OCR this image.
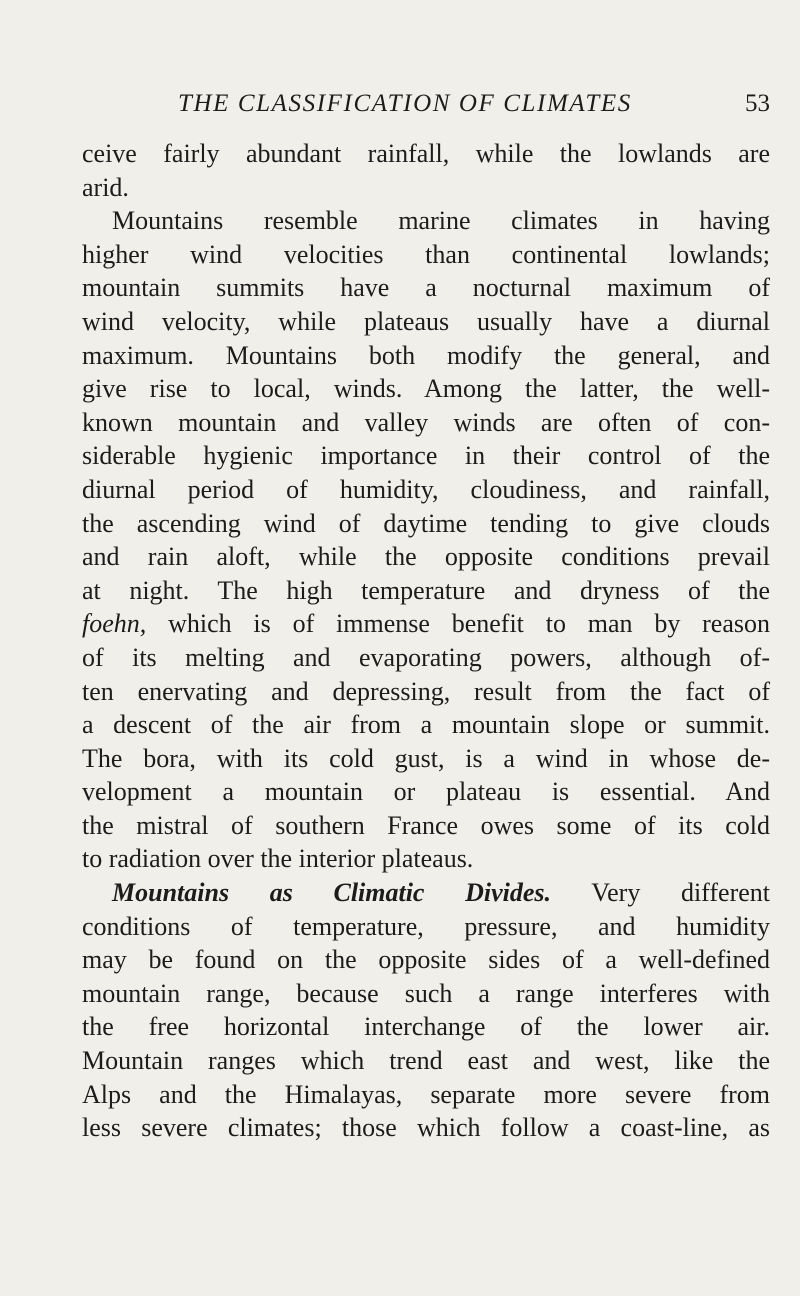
THE CLASSIFICATION OF CLIMATES	53
ceive fairly abundant rainfall, while the lowlands are
arid.
Mountains resemble marine climates in having
higher wind velocities than continental lowlands;
mountain summits have a nocturnal maximum of
wind velocity, while plateaus usually have a diurnal
maximum. Mountains both modify the general, and
give rise to local, winds. Among the latter, the well-
known mountain and valley winds are often of con-
siderable hygienic importance in their control of the
diurnal period of humidity, cloudiness, and rainfall,
the ascending wind of daytime tending to give clouds
and rain aloft, while the opposite conditions prevail
at night. The high temperature and dryness of the
foehn, which is of immense benefit to man by reason
of its melting and evaporating powers, although of-
ten enervating and depressing, result from the fact of
a descent of the air from a mountain slope or summit.
The bora, with its cold gust, is a wind in whose de-
velopment a mountain or plateau is essential. And
the mistral of southern France owes some of its cold
to radiation over the interior plateaus.
Mountains as Climatic Divides. Very different
conditions of temperature, pressure, and humidity
may be found on the opposite sides of a well-defined
mountain range, because such a range interferes with
the free horizontal interchange of the lower air.
Mountain ranges which trend east and west, like the
Alps and the Himalayas, separate more severe from
less severe climates; those which follow a coast-line, as
